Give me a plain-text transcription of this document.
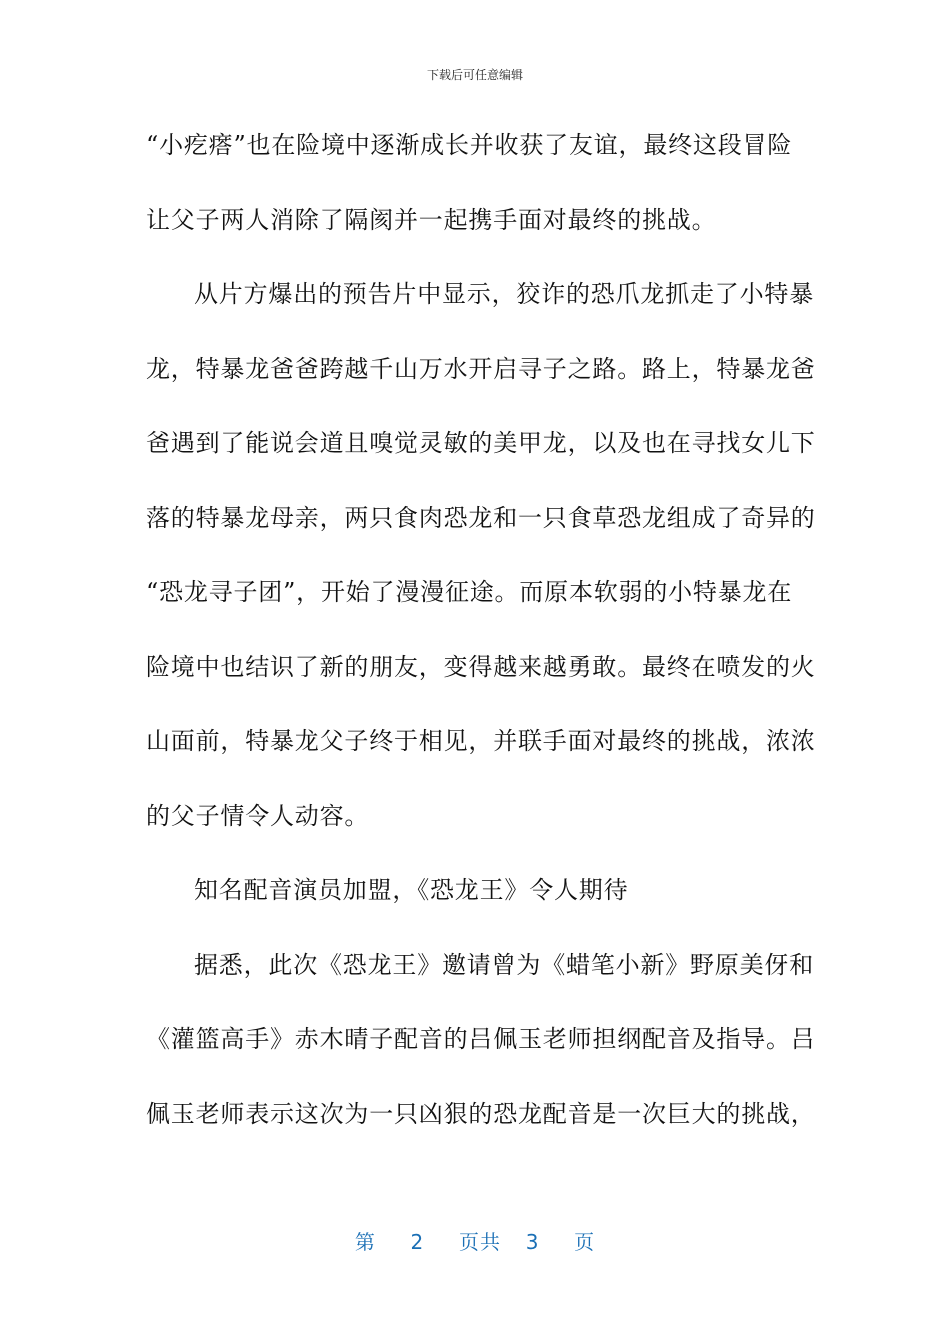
下载后可任意编辑
“小疙瘩”也在险境中逐渐成长并收获了友谊，最终这段冒险
让父子两人消除了隔阂并一起携手面对最终的挑战。
从片方爆出的预告片中显示，狡诈的恐爪龙抓走了小特暴
龙，特暴龙爸爸跨越千山万水开启寻子之路。路上，特暴龙爸
爸遇到了能说会道且嗅觉灵敏的美甲龙，以及也在寻找女儿下
落的特暴龙母亲，两只食肉恐龙和一只食草恐龙组成了奇异的
“恐龙寻子团”，开始了漫漫征途。而原本软弱的小特暴龙在
险境中也结识了新的朋友，变得越来越勇敢。最终在喷发的火
山面前，特暴龙父子终于相见，并联手面对最终的挑战，浓浓
的父子情令人动容。
知名配音演员加盟，《恐龙王》令人期待
据悉，此次《恐龙王》邀请曾为《蜡笔小新》野原美伢和
《灌篮高手》赤木晴子配音的吕佩玉老师担纲配音及指导。吕
佩玉老师表示这次为一只凶狠的恐龙配音是一次巨大的挑战，
第 2 页共 3 页
